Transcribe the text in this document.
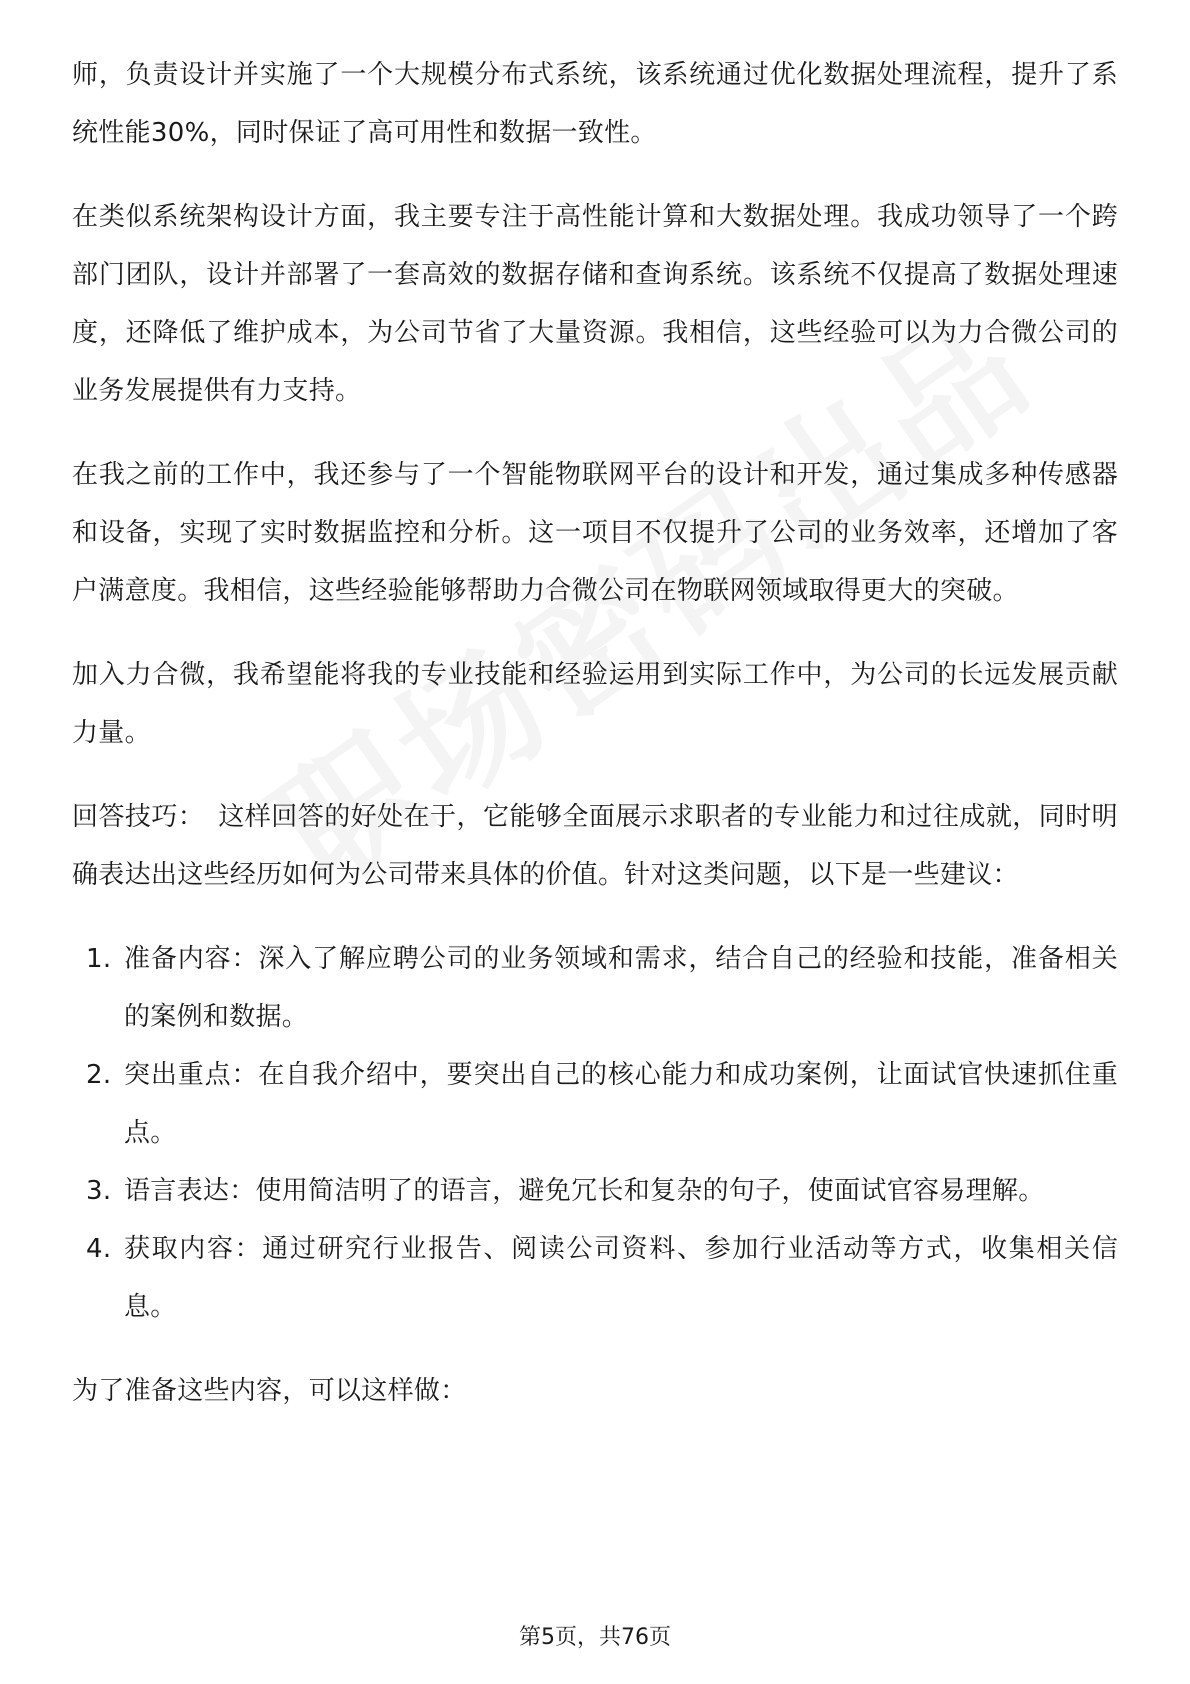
师，负责设计并实施了一个大规模分布式系统，该系统通过优化数据处理流程，提升了系统性能30%，同时保证了高可用性和数据一致性。

在类似系统架构设计方面，我主要专注于高性能计算和大数据处理。我成功领导了一个跨部门团队，设计并部署了一套高效的数据存储和查询系统。该系统不仅提高了数据处理速度，还降低了维护成本，为公司节省了大量资源。我相信，这些经验可以为力合微公司的业务发展提供有力支持。

在我之前的工作中，我还参与了一个智能物联网平台的设计和开发，通过集成多种传感器和设备，实现了实时数据监控和分析。这一项目不仅提升了公司的业务效率，还增加了客户满意度。我相信，这些经验能够帮助力合微公司在物联网领域取得更大的突破。

加入力合微，我希望能将我的专业技能和经验运用到实际工作中，为公司的长远发展贡献力量。

回答技巧： 这样回答的好处在于，它能够全面展示求职者的专业能力和过往成就，同时明确表达出这些经历如何为公司带来具体的价值。针对这类问题，以下是一些建议：

1. 准备内容：深入了解应聘公司的业务领域和需求，结合自己的经验和技能，准备相关的案例和数据。
2. 突出重点：在自我介绍中，要突出自己的核心能力和成功案例，让面试官快速抓住重点。
3. 语言表达：使用简洁明了的语言，避免冗长和复杂的句子，使面试官容易理解。
4. 获取内容：通过研究行业报告、阅读公司资料、参加行业活动等方式，收集相关信息。

为了准备这些内容，可以这样做：

第5页，共76页
